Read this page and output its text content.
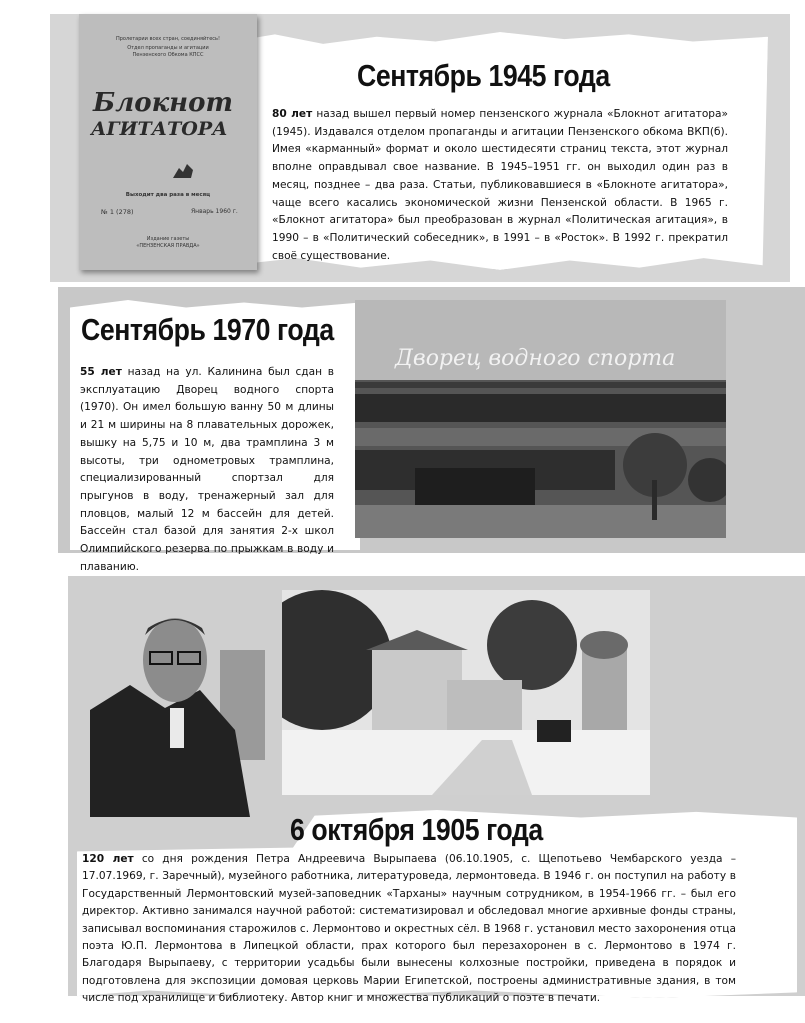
Пролетарии всех стран, соединяйтесь!
Отдел пропаганды и агитации
Пензенского Обкома КПСС
Блокнот
АГИТАТОРА
Выходит два раза в месяц
№ 1 (278)	Январь 1960 г.
Издание газеты
«ПЕНЗЕНСКАЯ ПРАВДА»
Сентябрь 1945 года
80 лет назад вышел первый номер пензенского журнала «Блокнот агитатора» (1945). Издавался отделом пропаганды и агитации Пензенского обкома ВКП(б). Имея «карманный» формат и около шестидесяти страниц текста, этот журнал вполне оправдывал свое название. В 1945–1951 гг. он выходил один раз в месяц, позднее – два раза. Статьи, публиковавшиеся в «Блокноте агитатора», чаще всего касались экономической жизни Пензенской области. В 1965 г. «Блокнот агитатора» был преобразован в журнал «Политическая агитация», в 1990 – в «Политический собеседник», в 1991 – в «Росток». В 1992 г. прекратил своё существование.
Дворец водного спорта
Сентябрь 1970 года
55 лет назад на ул. Калинина был сдан в эксплуатацию Дворец водного спорта (1970). Он имел большую ванну 50 м длины и 21 м ширины на 8 плавательных дорожек, вышку на 5,75 и 10 м, два трамплина 3 м высоты, три однометровых трамплина, специализированный спортзал для прыгунов в воду, тренажерный зал для пловцов, малый 12 м бассейн для детей. Бассейн стал базой для занятия 2-х школ Олимпийского резерва по прыжкам в воду и плаванию.
6 октября 1905 года
120 лет со дня рождения Петра Андреевича Вырыпаева (06.10.1905, с. Щепотьево Чембарского уезда – 17.07.1969, г. Заречный), музейного работника, литературоведа, лермонтоведа. В 1946 г. он поступил на работу в Государственный Лермонтовский музей-заповедник «Тарханы» научным сотрудником, в 1954-1966 гг. – был его директор. Активно занимался научной работой: систематизировал и обследовал многие архивные фонды страны, записывал воспоминания старожилов с. Лермонтово и окрестных сёл. В 1968 г. установил место захоронения отца поэта Ю.П. Лермонтова в Липецкой области, прах которого был перезахоронен в с. Лермонтово в 1974 г. Благодаря Вырыпаеву, с территории усадьбы были вынесены колхозные постройки, приведена в порядок и подготовлена для экспозиции домовая церковь Марии Египетской, построены административные здания, в том числе под хранилище и библиотеку. Автор книг и множества публикаций о поэте в печати.
